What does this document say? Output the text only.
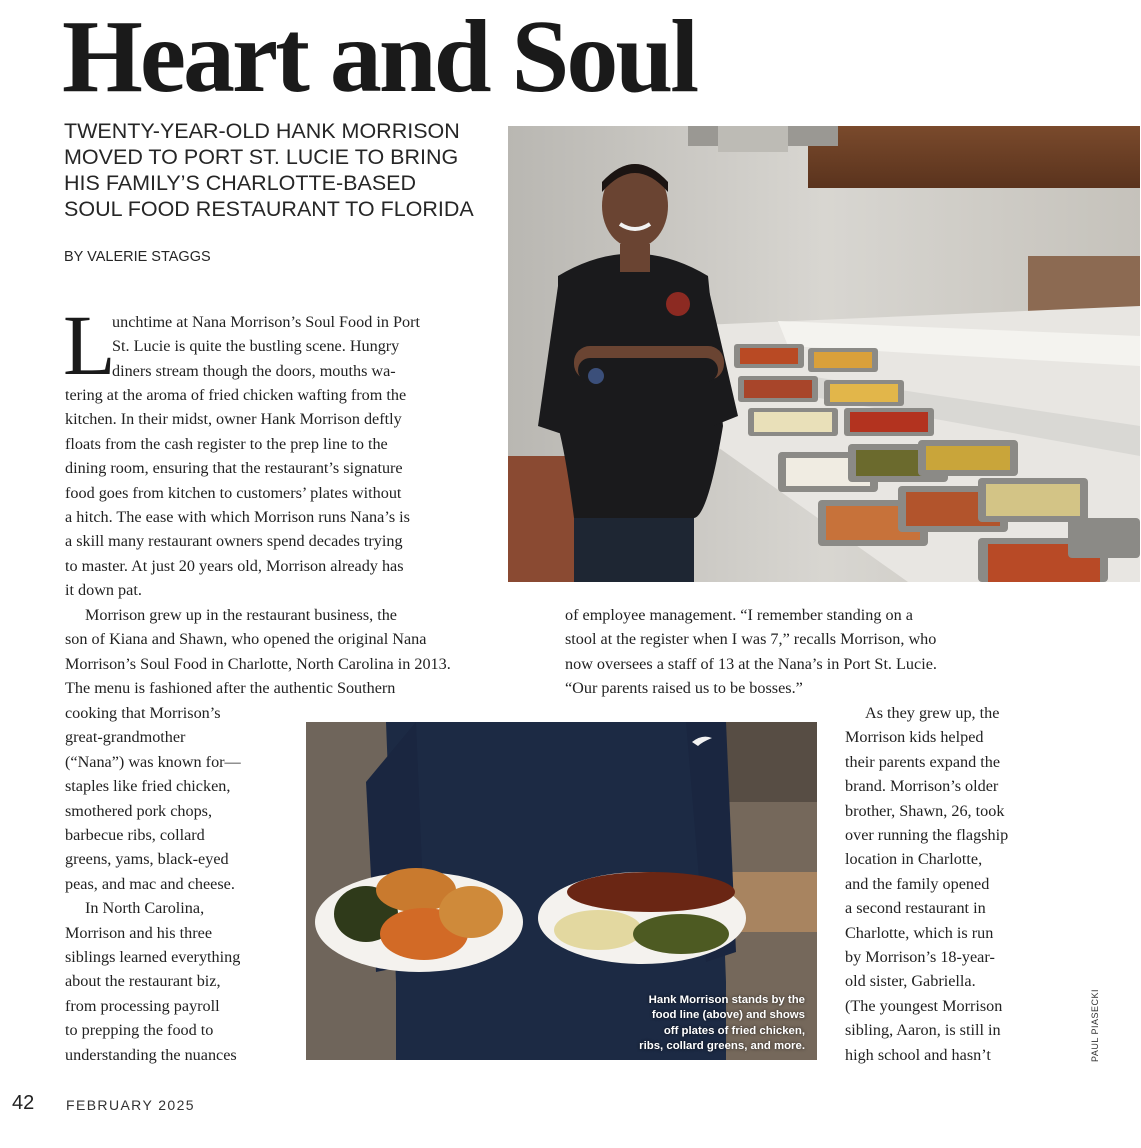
Heart and Soul
TWENTY-YEAR-OLD HANK MORRISON
MOVED TO PORT ST. LUCIE TO BRING
HIS FAMILY’S CHARLOTTE-BASED
SOUL FOOD RESTAURANT TO FLORIDA
BY VALERIE STAGGS
L
unchtime at Nana Morrison’s Soul Food in Port
St. Lucie is quite the bustling scene. Hungry
diners stream though the doors, mouths wa-
tering at the aroma of fried chicken wafting from the
kitchen. In their midst, owner Hank Morrison deftly
floats from the cash register to the prep line to the
dining room, ensuring that the restaurant’s signature
food goes from kitchen to customers’ plates without
a hitch. The ease with which Morrison runs Nana’s is
a skill many restaurant owners spend decades trying
to master. At just 20 years old, Morrison already has
it down pat.
Morrison grew up in the restaurant business, the
son of Kiana and Shawn, who opened the original Nana
Morrison’s Soul Food in Charlotte, North Carolina in 2013.
The menu is fashioned after the authentic Southern
cooking that Morrison’s
great-grandmother
(“Nana”) was known for—
staples like fried chicken,
smothered pork chops,
barbecue ribs, collard
greens, yams, black-eyed
peas, and mac and cheese.
In North Carolina,
Morrison and his three
siblings learned everything
about the restaurant biz,
from processing payroll
to prepping the food to
understanding the nuances
of employee management. “I remember standing on a
stool at the register when I was 7,” recalls Morrison, who
now oversees a staff of 13 at the Nana’s in Port St. Lucie.
“Our parents raised us to be bosses.”
As they grew up, the
Morrison kids helped
their parents expand the
brand. Morrison’s older
brother, Shawn, 26, took
over running the flagship
location in Charlotte,
and the family opened
a second restaurant in
Charlotte, which is run
by Morrison’s 18-year-
old sister, Gabriella.
(The youngest Morrison
sibling, Aaron, is still in
high school and hasn’t
Hank Morrison stands by the
food line (above) and shows
off plates of fried chicken,
ribs, collard greens, and more.	PAUL PIASECKI
42 FEBRUARY 2025
